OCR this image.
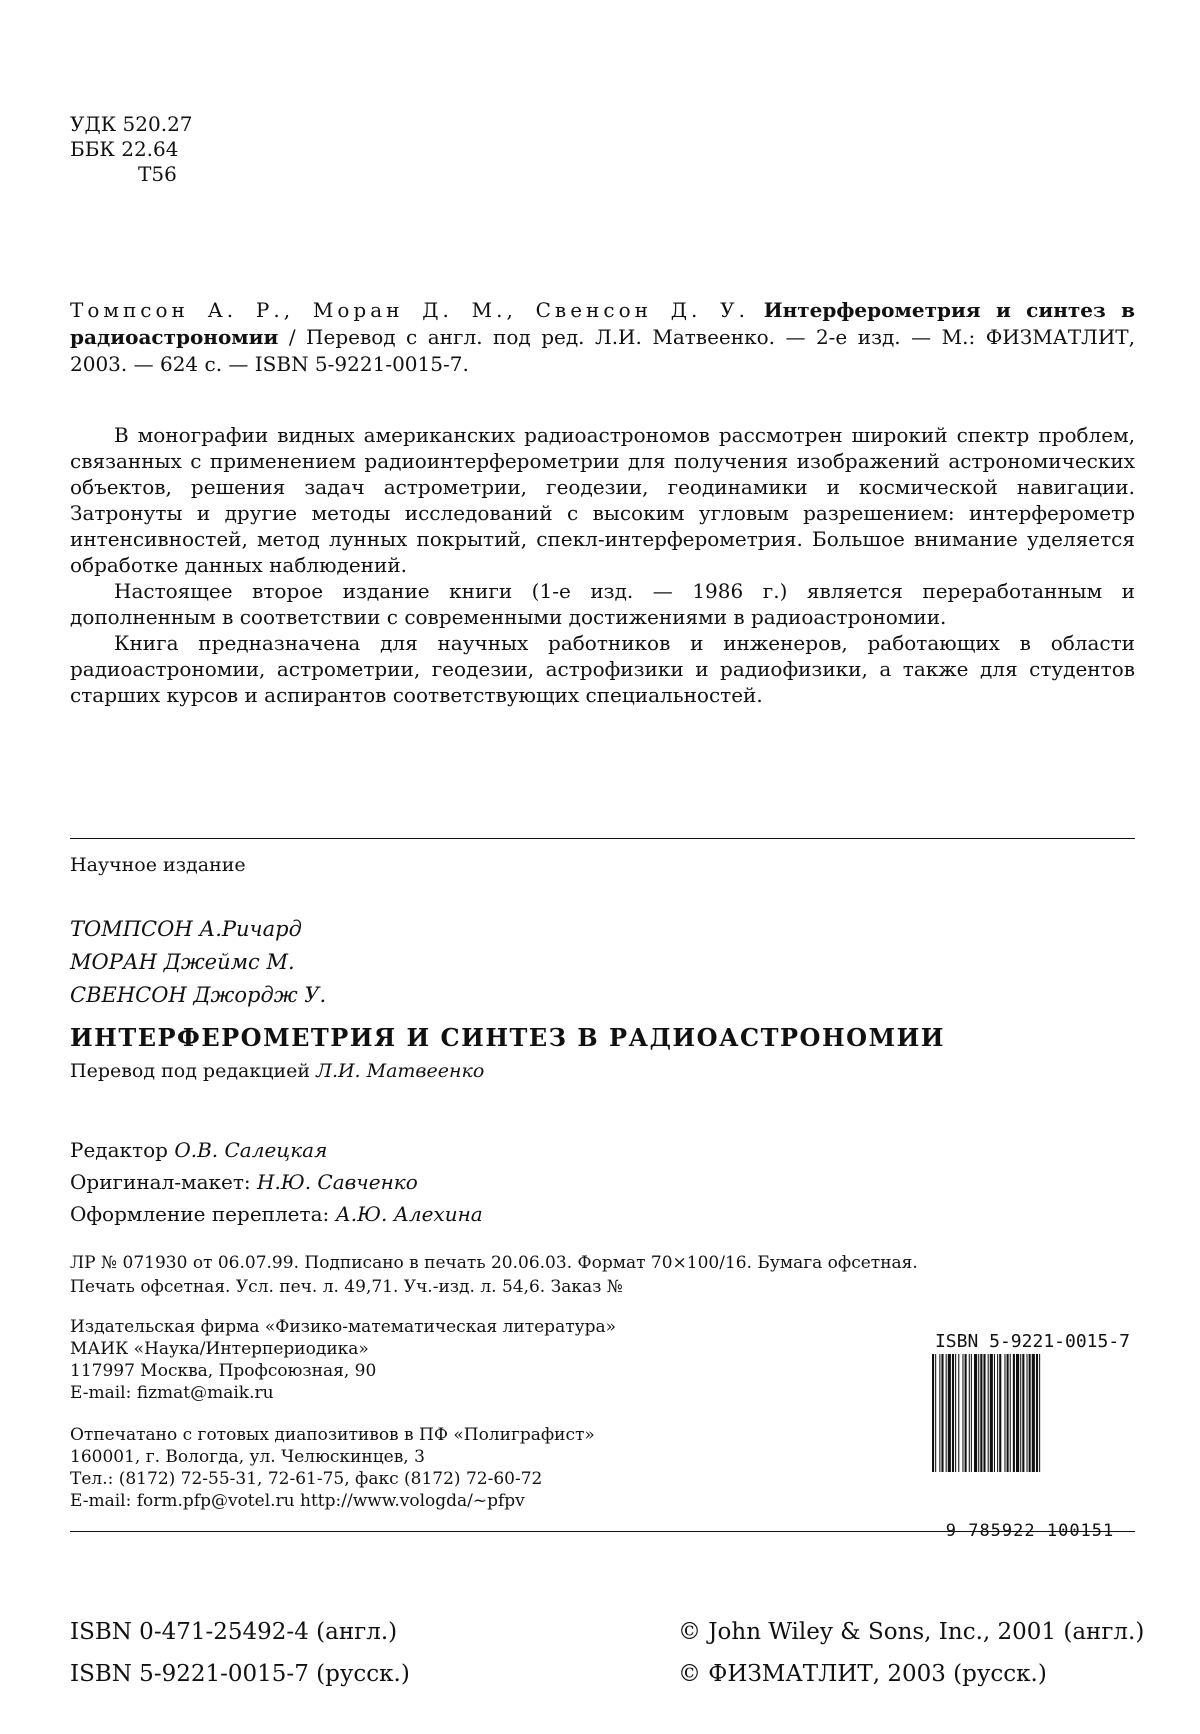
УДК 520.27
ББК 22.64
Т56
Томпсон А. Р., Моран Д. М., Свенсон Д. У. Интерферометрия и синтез в радиоастрономии / Перевод с англ. под ред. Л.И. Матвеенко. — 2-е изд. — М.: ФИЗМАТЛИТ, 2003. — 624 с. — ISBN 5-9221-0015-7.

В монографии видных американских радиоастрономов рассмотрен широкий спектр проблем, связанных с применением радиоинтерферометрии для получения изображений астрономических объектов, решения задач астрометрии, геодезии, геодинамики и космической навигации. Затронуты и другие методы исследований с высоким угловым разрешением: интерферометр интенсивностей, метод лунных покрытий, спекл-интерферометрия. Большое внимание уделяется обработке данных наблюдений.

Настоящее второе издание книги (1-е изд. — 1986 г.) является переработанным и дополненным в соответствии с современными достижениями в радиоастрономии.

Книга предназначена для научных работников и инженеров, работающих в области радиоастрономии, астрометрии, геодезии, астрофизики и радиофизики, а также для студентов старших курсов и аспирантов соответствующих специальностей.

Научное издание
ТОМПСОН А.Ричард
МОРАН Джеймс М.
СВЕНСОН Джордж У.
ИНТЕРФЕРОМЕТРИЯ И СИНТЕЗ В РАДИОАСТРОНОМИИ
Перевод под редакцией Л.И. Матвеенко
Редактор О.В. Салецкая
Оригинал-макет: Н.Ю. Савченко
Оформление переплета: А.Ю. Алехина
ЛР № 071930 от 06.07.99. Подписано в печать 20.06.03. Формат 70×100/16. Бумага офсетная.
Печать офсетная. Усл. печ. л. 49,71. Уч.-изд. л. 54,6. Заказ №
Издательская фирма «Физико-математическая литература»
МАИК «Наука/Интерпериодика»
117997 Москва, Профсоюзная, 90
E-mail: fizmat@maik.ru
Отпечатано с готовых диапозитивов в ПФ «Полиграфист»
160001, г. Вологда, ул. Челюскинцев, 3
Тел.: (8172) 72-55-31, 72-61-75, факс (8172) 72-60-72
E-mail: form.pfp@votel.ru http://www.vologda/~pfpv
ISBN 5-9221-0015-7
9 785922 100151
ISBN 0-471-25492-4 (англ.)
ISBN 5-9221-0015-7 (русск.)
© John Wiley & Sons, Inc., 2001 (англ.)
© ФИЗМАТЛИТ, 2003 (русск.)
